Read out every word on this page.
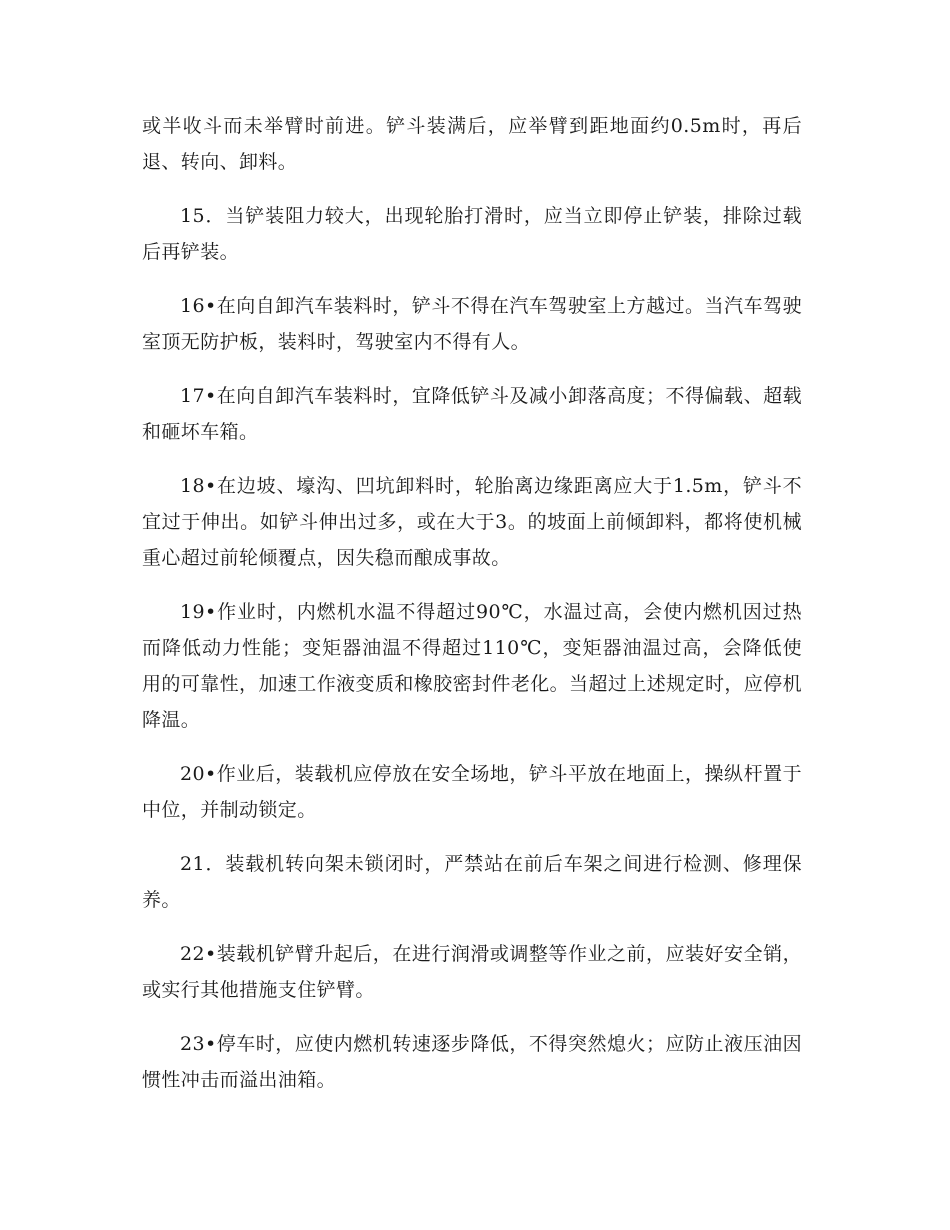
或半收斗而未举臂时前进。铲斗装满后，应举臂到距地面约0.5m时，再后退、转向、卸料。

15．当铲装阻力较大，出现轮胎打滑时，应当立即停止铲装，排除过载后再铲装。

16•在向自卸汽车装料时，铲斗不得在汽车驾驶室上方越过。当汽车驾驶室顶无防护板，装料时，驾驶室内不得有人。

17•在向自卸汽车装料时，宜降低铲斗及减小卸落高度；不得偏载、超载和砸坏车箱。

18•在边坡、壕沟、凹坑卸料时，轮胎离边缘距离应大于1.5m，铲斗不宜过于伸出。如铲斗伸出过多，或在大于3。的坡面上前倾卸料，都将使机械重心超过前轮倾覆点，因失稳而酿成事故。

19•作业时，内燃机水温不得超过90℃，水温过高，会使内燃机因过热而降低动力性能；变矩器油温不得超过110℃，变矩器油温过高，会降低使用的可靠性，加速工作液变质和橡胶密封件老化。当超过上述规定时，应停机降温。

20•作业后，装载机应停放在安全场地，铲斗平放在地面上，操纵杆置于中位，并制动锁定。

21．装载机转向架未锁闭时，严禁站在前后车架之间进行检测、修理保养。

22•装载机铲臂升起后，在进行润滑或调整等作业之前，应装好安全销，或实行其他措施支住铲臂。

23•停车时，应使内燃机转速逐步降低，不得突然熄火；应防止液压油因惯性冲击而溢出油箱。
